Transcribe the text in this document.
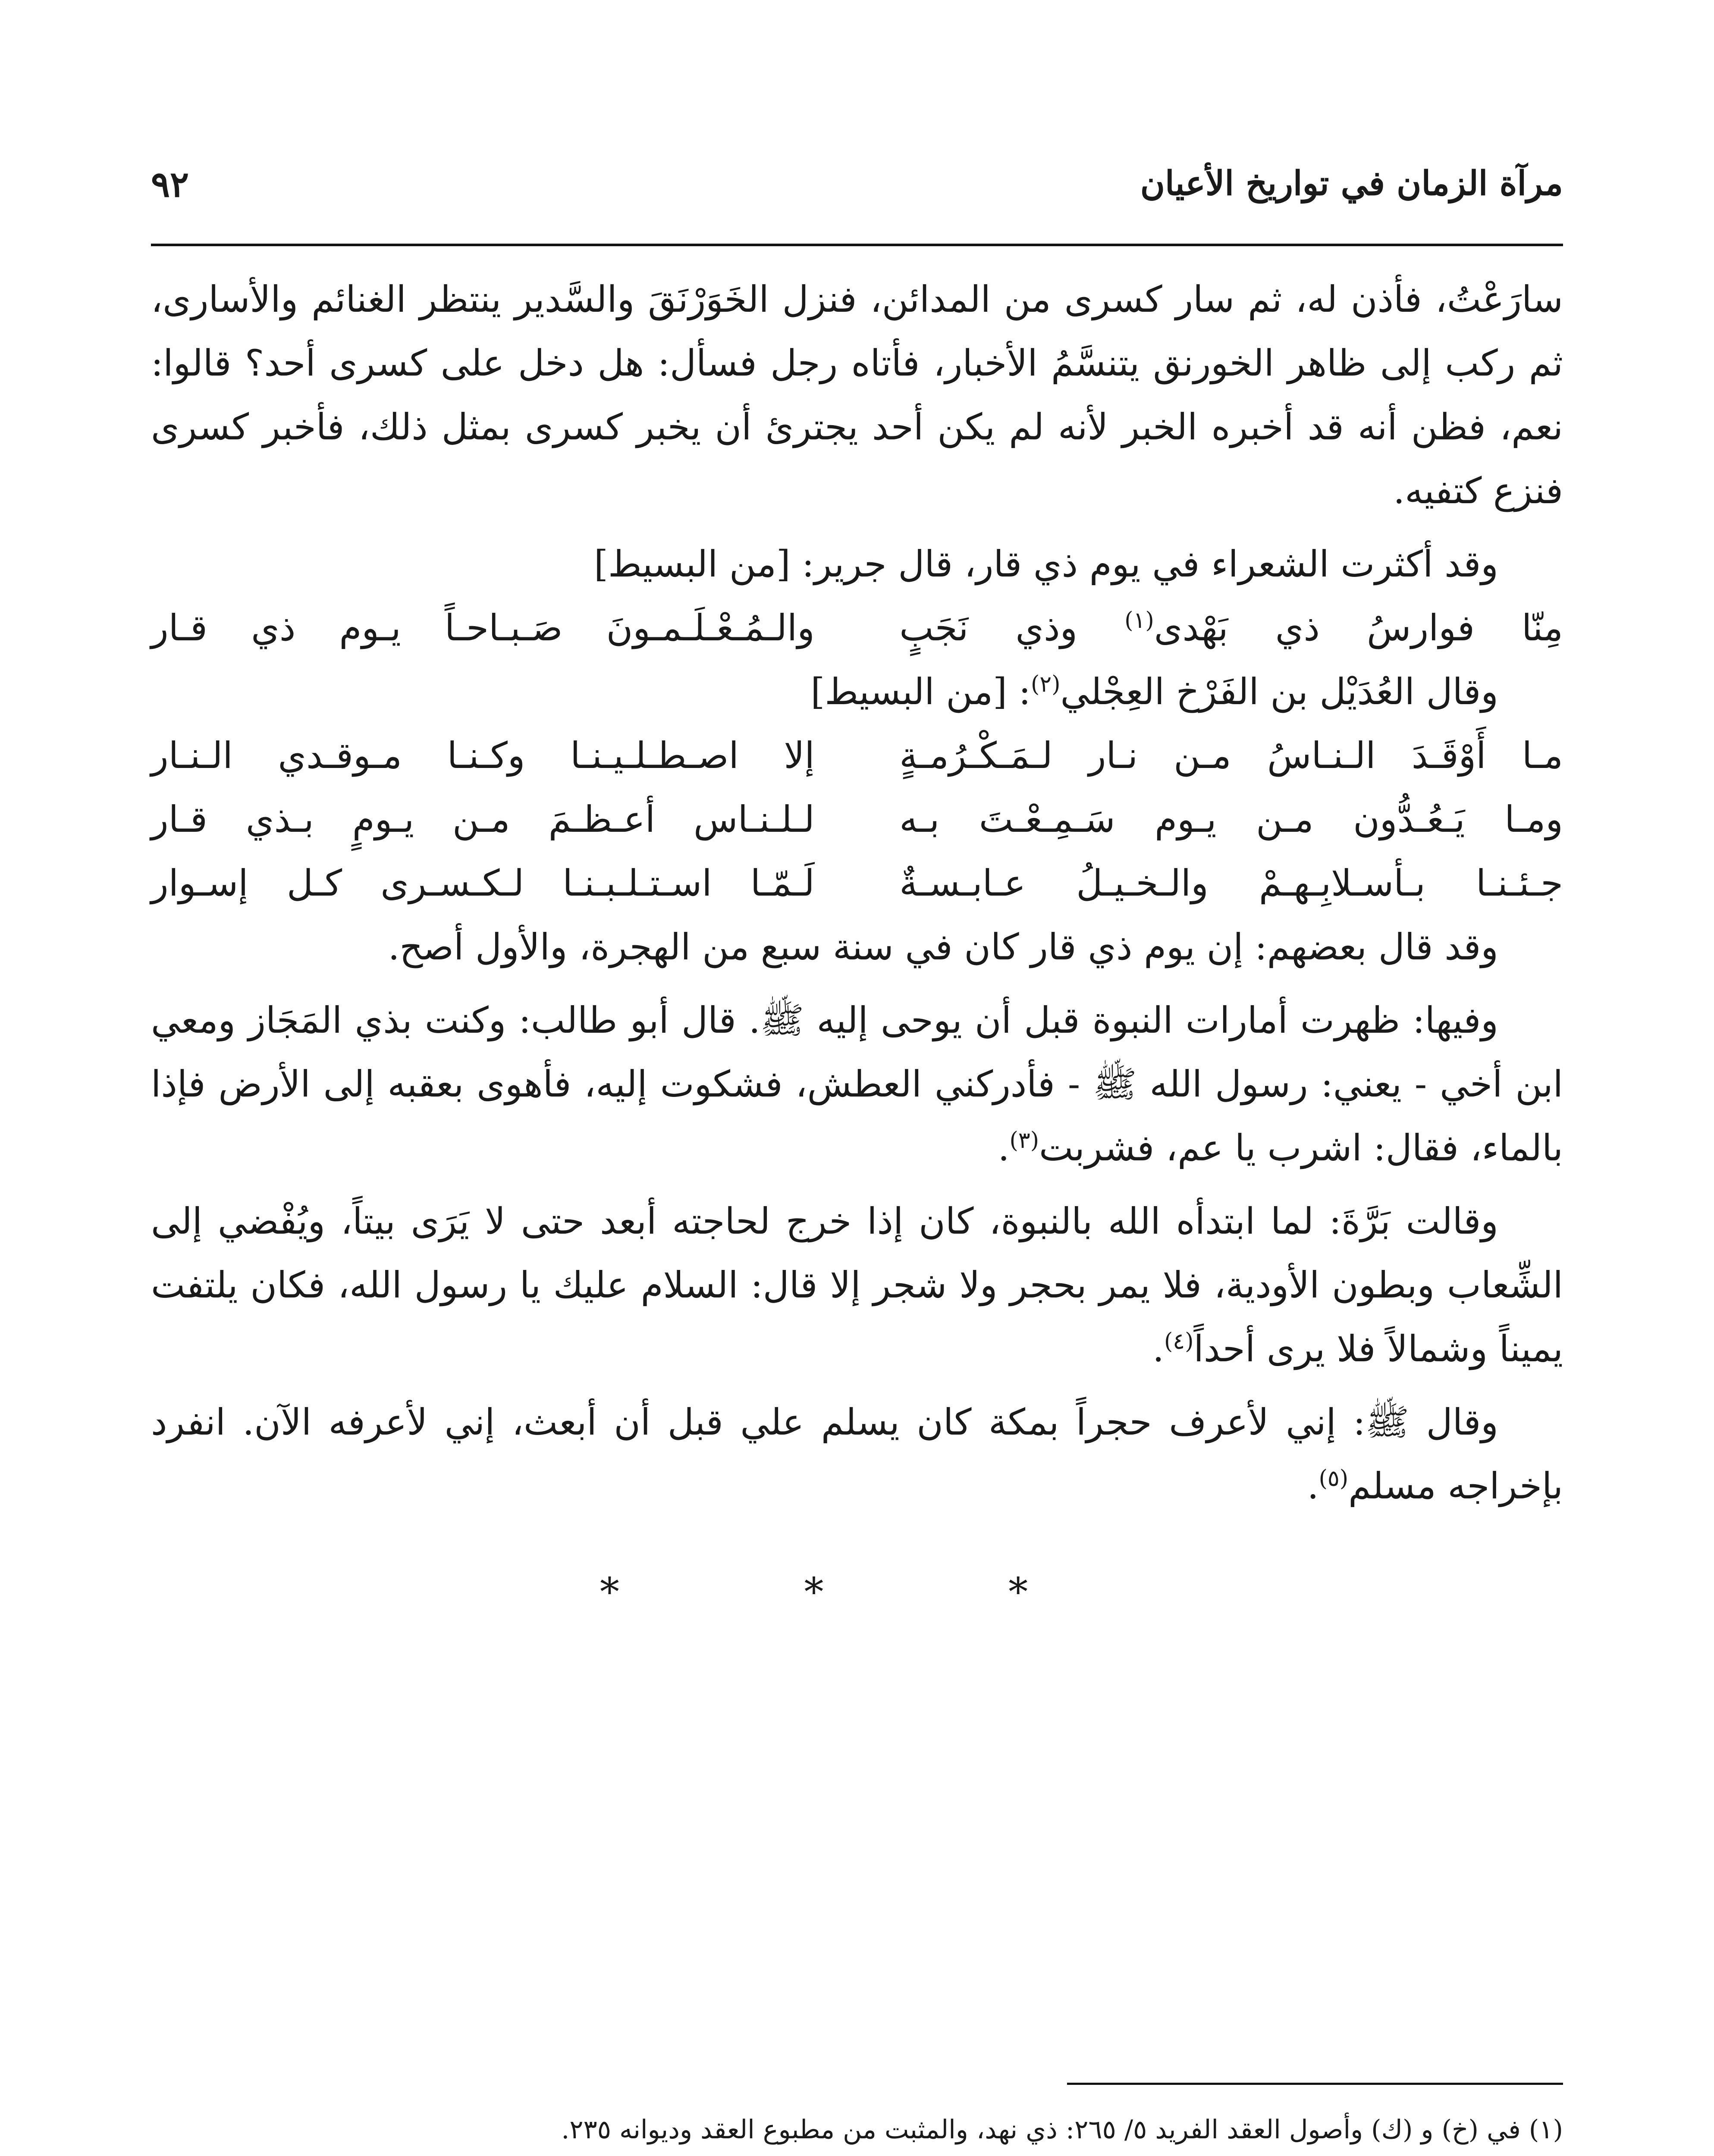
مرآة الزمان في تواريخ الأعيان
٩٢

سارَعْتُ، فأذن له، ثم سار كسرى من المدائن، فنزل الخَوَرْنَقَ والسَّدير ينتظر الغنائم والأسارى، ثم ركب إلى ظاهر الخورنق يتنسَّمُ الأخبار، فأتاه رجل فسأل: هل دخل على كسرى أحد؟ قالوا: نعم، فظن أنه قد أخبره الخبر لأنه لم يكن أحد يجترئ أن يخبر كسرى بمثل ذلك، فأخبر كسرى فنزع كتفيه.

وقد أكثرت الشعراء في يوم ذي قار، قال جرير: [من البسيط]

مِنّا فوارسُ ذي بَهْدى$^{(١)}$ وذي نَجَبٍ
والـمُـعْـلَـمـونَ صَـبـاحـاً يـوم ذي قـار

وقال العُدَيْل بن الفَرْخ العِجْلي$^{(٢)}$: [من البسيط]

مـا أَوْقَـدَ الـنـاسُ مـن نـار لـمَـكْـرُمـةٍ
إلا اصـطـلـيـنـا وكـنـا مـوقـدي الـنـار
ومـا يَـعُـدُّون مـن يـوم سَـمِـعْـتَ بـه
لـلـنـاس أعـظـمَ مـن يـومٍ بـذي قـار
جـئـنـا بـأسـلابِـهـمْ والـخـيـلُ عـابـسـةٌ
لَـمّـا اسـتـلـبـنـا لـكـسـرى كـل إسـوار

وقد قال بعضهم: إن يوم ذي قار كان في سنة سبع من الهجرة، والأول أصح.

وفيها: ظهرت أمارات النبوة قبل أن يوحى إليه ﷺ. قال أبو طالب: وكنت بذي المَجَاز ومعي ابن أخي - يعني: رسول الله ﷺ - فأدركني العطش، فشكوت إليه، فأهوى بعقبه إلى الأرض فإذا بالماء، فقال: اشرب يا عم، فشربت$^{(٣)}$.

وقالت بَرَّةَ: لما ابتدأه الله بالنبوة، كان إذا خرج لحاجته أبعد حتى لا يَرَى بيتاً، ويُفْضي إلى الشِّعاب وبطون الأودية، فلا يمر بحجر ولا شجر إلا قال: السلام عليك يا رسول الله، فكان يلتفت يميناً وشمالاً فلا يرى أحداً$^{(٤)}$.

وقال ﷺ: إني لأعرف حجراً بمكة كان يسلم علي قبل أن أبعث، إني لأعرفه الآن. انفرد بإخراجه مسلم$^{(٥)}$.

* * *

(١) في (خ) و (ك) وأصول العقد الفريد ٥/ ٢٦٥: ذي نهد، والمثبت من مطبوع العقد وديوانه ٢٣٥.
